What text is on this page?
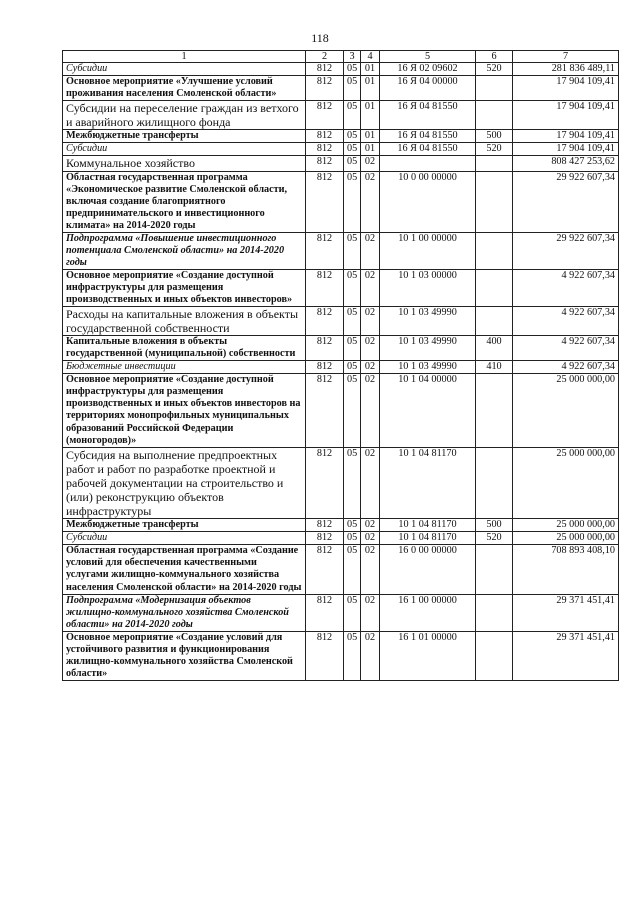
118
1	2	3	4	5	6	7
Субсидии	812	05	01	16 Я 02 09602	520	281 836 489,11
Основное мероприятие «Улучшение условий проживания населения Смоленской области»	812	05	01	16 Я 04 00000		17 904 109,41
Субсидии на переселение граждан из ветхого и аварийного жилищного фонда	812	05	01	16 Я 04 81550		17 904 109,41
Межбюджетные трансферты	812	05	01	16 Я 04 81550	500	17 904 109,41
Субсидии	812	05	01	16 Я 04 81550	520	17 904 109,41
Коммунальное хозяйство	812	05	02			808 427 253,62
Областная государственная программа «Экономическое развитие Смоленской области, включая создание благоприятного предпринимательского и инвестиционного климата» на 2014-2020 годы	812	05	02	10 0 00 00000		29 922 607,34
Подпрограмма «Повышение инвестиционного потенциала Смоленской области» на 2014-2020 годы	812	05	02	10 1 00 00000		29 922 607,34
Основное мероприятие «Создание доступной инфраструктуры для размещения производственных и иных объектов инвесторов»	812	05	02	10 1 03 00000		4 922 607,34
Расходы на капитальные вложения в объекты государственной собственности	812	05	02	10 1 03 49990		4 922 607,34
Капитальные вложения в объекты государственной (муниципальной) собственности	812	05	02	10 1 03 49990	400	4 922 607,34
Бюджетные инвестиции	812	05	02	10 1 03 49990	410	4 922 607,34
Основное мероприятие «Создание доступной инфраструктуры для размещения производственных и иных объектов инвесторов на территориях монопрофильных муниципальных образований Российской Федерации (моногородов)»	812	05	02	10 1 04 00000		25 000 000,00
Субсидия на выполнение предпроектных работ и работ по разработке проектной и рабочей документации на строительство и (или) реконструкцию объектов инфраструктуры	812	05	02	10 1 04 81170		25 000 000,00
Межбюджетные трансферты	812	05	02	10 1 04 81170	500	25 000 000,00
Субсидии	812	05	02	10 1 04 81170	520	25 000 000,00
Областная государственная программа «Создание условий для обеспечения качественными услугами жилищно-коммунального хозяйства населения Смоленской области» на 2014-2020 годы	812	05	02	16 0 00 00000		708 893 408,10
Подпрограмма «Модернизация объектов жилищно-коммунального хозяйства Смоленской области» на 2014-2020 годы	812	05	02	16 1 00 00000		29 371 451,41
Основное мероприятие «Создание условий для устойчивого развития и функционирования жилищно-коммунального хозяйства Смоленской области»	812	05	02	16 1 01 00000		29 371 451,41
